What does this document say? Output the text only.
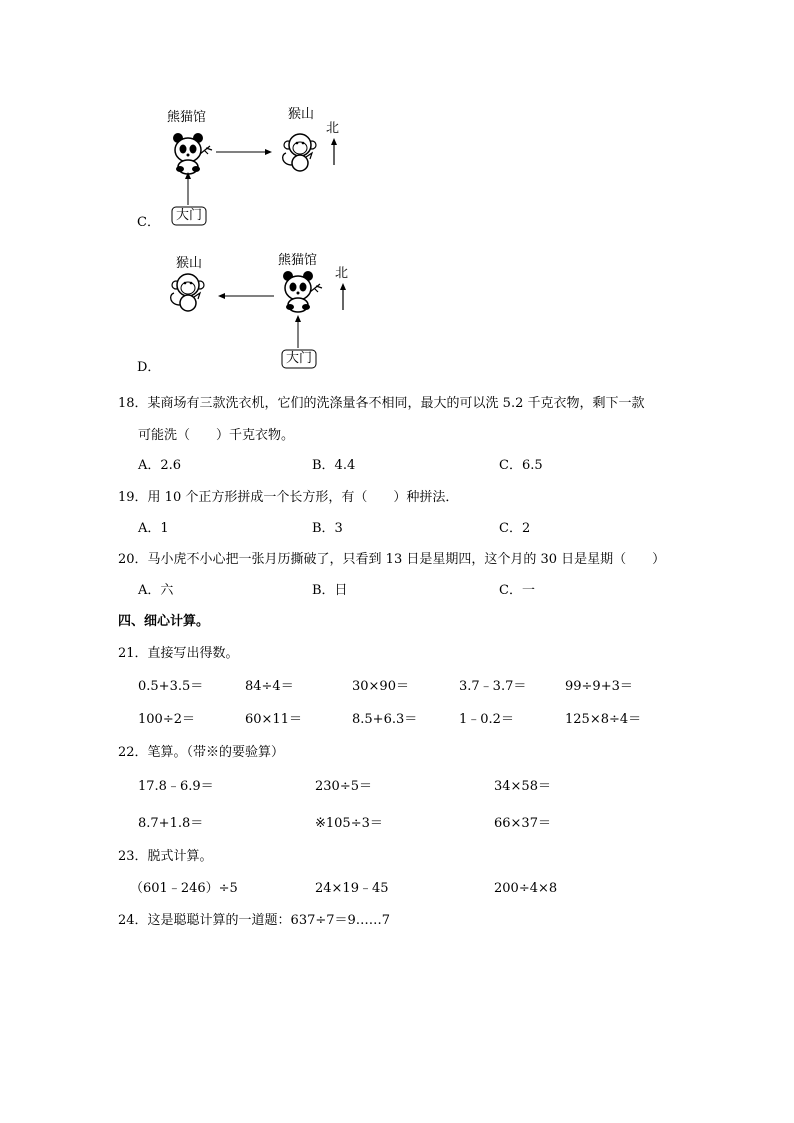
熊猫馆	猴山
北
大门
C．
猴山	熊猫馆
北
大门
D．
18．某商场有三款洗衣机，它们的洗涤量各不相同，最大的可以洗 5.2 千克衣物，剩下一款
可能洗（　　）千克衣物。
A．2.6	B．4.4	C．6.5
19．用 10 个正方形拼成一个长方形，有（　　）种拼法．
A．1	B．3	C．2
20．马小虎不小心把一张月历撕破了，只看到 13 日是星期四，这个月的 30 日是星期（　　）
A．六	B．日	C．一
四、细心计算。
21．直接写出得数。
0.5+3.5＝	84÷4＝	30×90＝	3.7﹣3.7＝	99÷9+3＝
100÷2＝	60×11＝	8.5+6.3＝	1﹣0.2＝	125×8÷4＝
22．笔算。（带※的要验算）
17.8﹣6.9＝	230÷5＝	34×58＝
8.7+1.8＝	※105÷3＝	66×37＝
23．脱式计算。
（601﹣246）÷5	24×19﹣45	200÷4×8
24．这是聪聪计算的一道题：637÷7＝9……7
